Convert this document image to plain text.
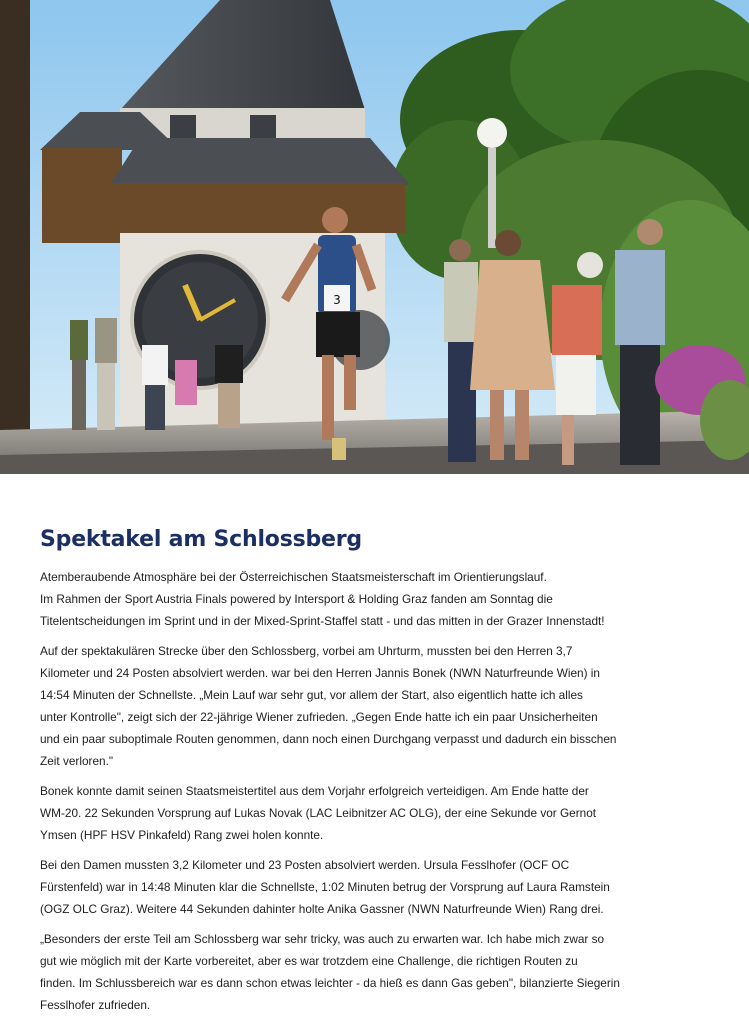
3
Spektakel am Schlossberg

Atemberaubende Atmosphäre bei der Österreichischen Staatsmeisterschaft im Orientierungslauf.
Im Rahmen der Sport Austria Finals powered by Intersport & Holding Graz fanden am Sonntag die
Titelentscheidungen im Sprint und in der Mixed-Sprint-Staffel statt - und das mitten in der Grazer Innenstadt!

Auf der spektakulären Strecke über den Schlossberg, vorbei am Uhrturm, mussten bei den Herren 3,7
Kilometer und 24 Posten absolviert werden. war bei den Herren Jannis Bonek (NWN Naturfreunde Wien) in
14:54 Minuten der Schnellste. „Mein Lauf war sehr gut, vor allem der Start, also eigentlich hatte ich alles
unter Kontrolle", zeigt sich der 22-jährige Wiener zufrieden. „Gegen Ende hatte ich ein paar Unsicherheiten
und ein paar suboptimale Routen genommen, dann noch einen Durchgang verpasst und dadurch ein bisschen
Zeit verloren."

Bonek konnte damit seinen Staatsmeistertitel aus dem Vorjahr erfolgreich verteidigen. Am Ende hatte der
WM-20. 22 Sekunden Vorsprung auf Lukas Novak (LAC Leibnitzer AC OLG), der eine Sekunde vor Gernot
Ymsen (HPF HSV Pinkafeld) Rang zwei holen konnte.

Bei den Damen mussten 3,2 Kilometer und 23 Posten absolviert werden. Ursula Fesslhofer (OCF OC
Fürstenfeld) war in 14:48 Minuten klar die Schnellste, 1:02 Minuten betrug der Vorsprung auf Laura Ramstein
(OGZ OLC Graz). Weitere 44 Sekunden dahinter holte Anika Gassner (NWN Naturfreunde Wien) Rang drei.

„Besonders der erste Teil am Schlossberg war sehr tricky, was auch zu erwarten war. Ich habe mich zwar so
gut wie möglich mit der Karte vorbereitet, aber es war trotzdem eine Challenge, die richtigen Routen zu
finden. Im Schlussbereich war es dann schon etwas leichter - da hieß es dann Gas geben", bilanzierte Siegerin
Fesslhofer zufrieden.
